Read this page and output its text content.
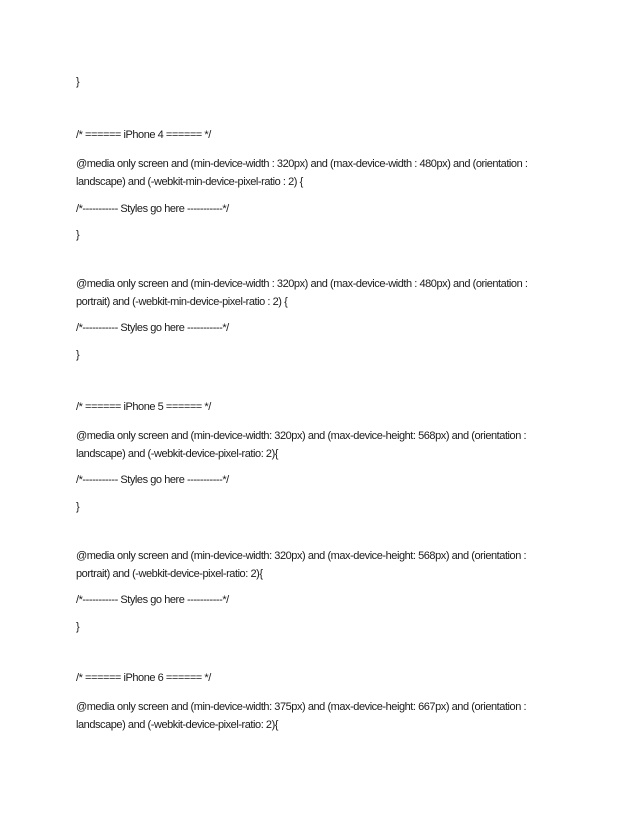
}

/* ====== iPhone 4 ====== */

@media only screen and (min-device-width : 320px) and (max-device-width : 480px) and (orientation :

landscape) and (-webkit-min-device-pixel-ratio : 2) {

/*----------- Styles go here -----------*/

}

@media only screen and (min-device-width : 320px) and (max-device-width : 480px) and (orientation :

portrait) and (-webkit-min-device-pixel-ratio : 2) {

/*----------- Styles go here -----------*/

}

/* ====== iPhone 5 ====== */

@media only screen and (min-device-width: 320px) and (max-device-height: 568px) and (orientation :

landscape) and (-webkit-device-pixel-ratio: 2){

/*----------- Styles go here -----------*/

}

@media only screen and (min-device-width: 320px) and (max-device-height: 568px) and (orientation :

portrait) and (-webkit-device-pixel-ratio: 2){

/*----------- Styles go here -----------*/

}

/* ====== iPhone 6 ====== */

@media only screen and (min-device-width: 375px) and (max-device-height: 667px) and (orientation :

landscape) and (-webkit-device-pixel-ratio: 2){
